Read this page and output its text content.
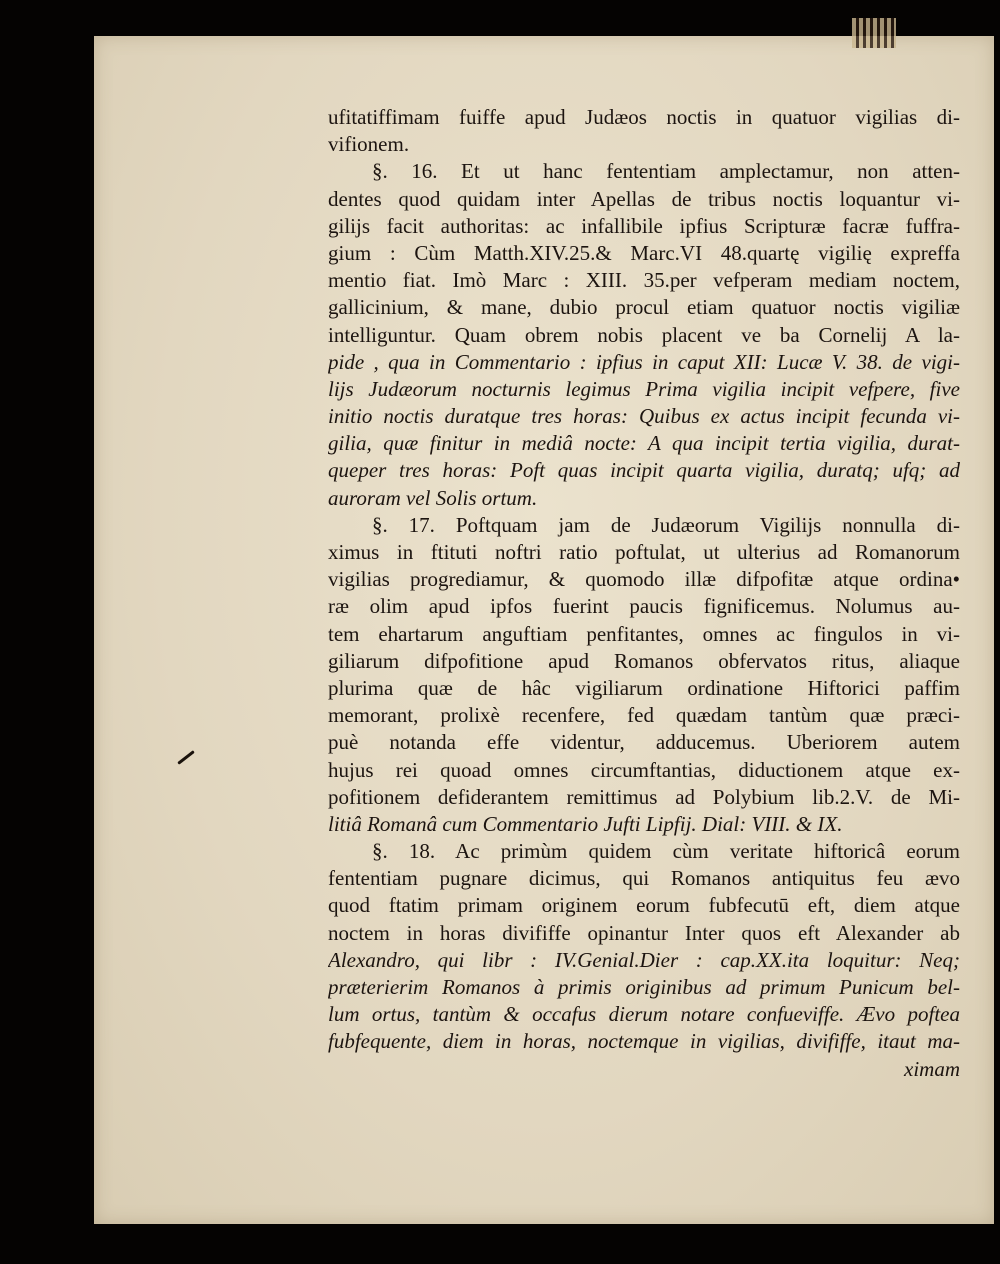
ufitatiffimam fuiffe apud Judæos noctis in quatuor vigilias di-
vifionem.
§. 16. Et ut hanc fententiam amplectamur, non atten-
dentes quod quidam inter Apellas de tribus noctis loquantur vi-
gilijs facit authoritas: ac infallibile ipfius Scripturæ facræ fuffra-
gium : Cùm Matth.XIV.25.& Marc.VI 48.quartę vigilię expreffa
mentio fiat. Imò Marc : XIII. 35.per vefperam mediam noctem,
gallicinium, & mane, dubio procul etiam quatuor noctis vigiliæ
intelliguntur. Quam obrem nobis placent ve ba Cornelij A la-
pide , qua in Commentario : ipfius in caput XII: Lucæ V. 38. de vigi-
lijs Judæorum nocturnis legimus Prima vigilia incipit vefpere, five
initio noctis duratque tres horas: Quibus ex actus incipit fecunda vi-
gilia, quæ finitur in mediâ nocte: A qua incipit tertia vigilia, durat-
queper tres horas: Poft quas incipit quarta vigilia, duratq; ufq; ad
auroram vel Solis ortum.
§. 17. Poftquam jam de Judæorum Vigilijs nonnulla di-
ximus in ftituti noftri ratio poftulat, ut ulterius ad Romanorum
vigilias progrediamur, & quomodo illæ difpofitæ atque ordina•
ræ olim apud ipfos fuerint paucis fignificemus. Nolumus au-
tem ehartarum anguftiam penfitantes, omnes ac fingulos in vi-
giliarum difpofitione apud Romanos obfervatos ritus, aliaque
plurima quæ de hâc vigiliarum ordinatione Hiftorici paffim
memorant, prolixè recenfere, fed quædam tantùm quæ præci-
puè notanda effe videntur, adducemus. Uberiorem autem
hujus rei quoad omnes circumftantias, diductionem atque ex-
pofitionem defiderantem remittimus ad Polybium lib.2.V. de Mi-
litiâ Romanâ cum Commentario Jufti Lipfij. Dial: VIII. & IX.
§. 18. Ac primùm quidem cùm veritate hiftoricâ eorum
fententiam pugnare dicimus, qui Romanos antiquitus feu ævo
quod ftatim primam originem eorum fubfecutū eft, diem atque
noctem in horas divififfe opinantur Inter quos eft Alexander ab
Alexandro, qui libr : IV.Genial.Dier : cap.XX.ita loquitur: Neq;
præterierim Romanos à primis originibus ad primum Punicum bel-
lum ortus, tantùm & occafus dierum notare confueviffe. Ævo poftea
fubfequente, diem in horas, noctemque in vigilias, divififfe, itaut ma-
ximam
